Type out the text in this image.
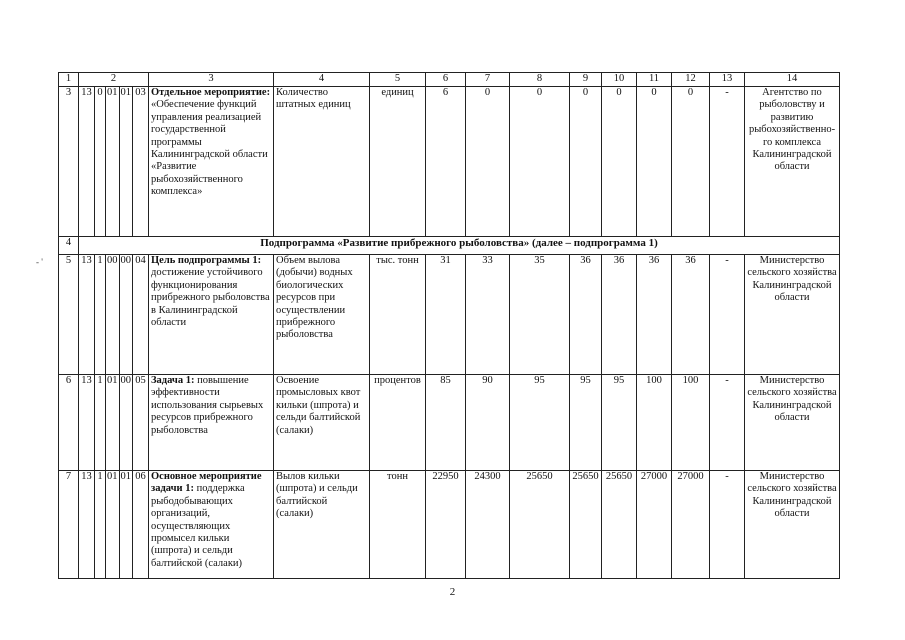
- '
1	2					3	4	5	6	7	8	9	10	11	12	13	14
3	13	0	01	01	03	Отдельное мероприятие: «Обеспечение функций управления реализацией государственной программы Калининградской области «Развитие рыбохозяйственного комплекса»	Количество штатных единиц	единиц	6	0	0	0	0	0	0	-	Агентство по рыболовству и развитию рыбохозяйственно-го комплекса Калининградской области
4	Подпрограмма «Развитие прибрежного рыболовства» (далее – подпрограмма 1)																
5	13	1	00	00	04	Цель подпрограммы 1: достижение устойчивого функционирования прибрежного рыболовства в Калининградской области	Объем вылова (добычи) водных биологических ресурсов при осуществлении прибрежного рыболовства	тыс. тонн	31	33	35	36	36	36	36	-	Министерство сельского хозяйства Калининградской области
6	13	1	01	00	05	Задача 1: повышение эффективности использования сырьевых ресурсов прибрежного рыболовства	Освоение промысловых квот кильки (шпрота) и сельди балтийской (салаки)	процентов	85	90	95	95	95	100	100	-	Министерство сельского хозяйства Калининградской области
7	13	1	01	01	06	Основное мероприятие задачи 1: поддержка рыбодобывающих организаций, осуществляющих промысел кильки (шпрота) и сельди балтийской (салаки)	Вылов кильки (шпрота) и сельди балтийской (салаки)	тонн	22950	24300	25650	25650	25650	27000	27000	-	Министерство сельского хозяйства Калининградской области
2
